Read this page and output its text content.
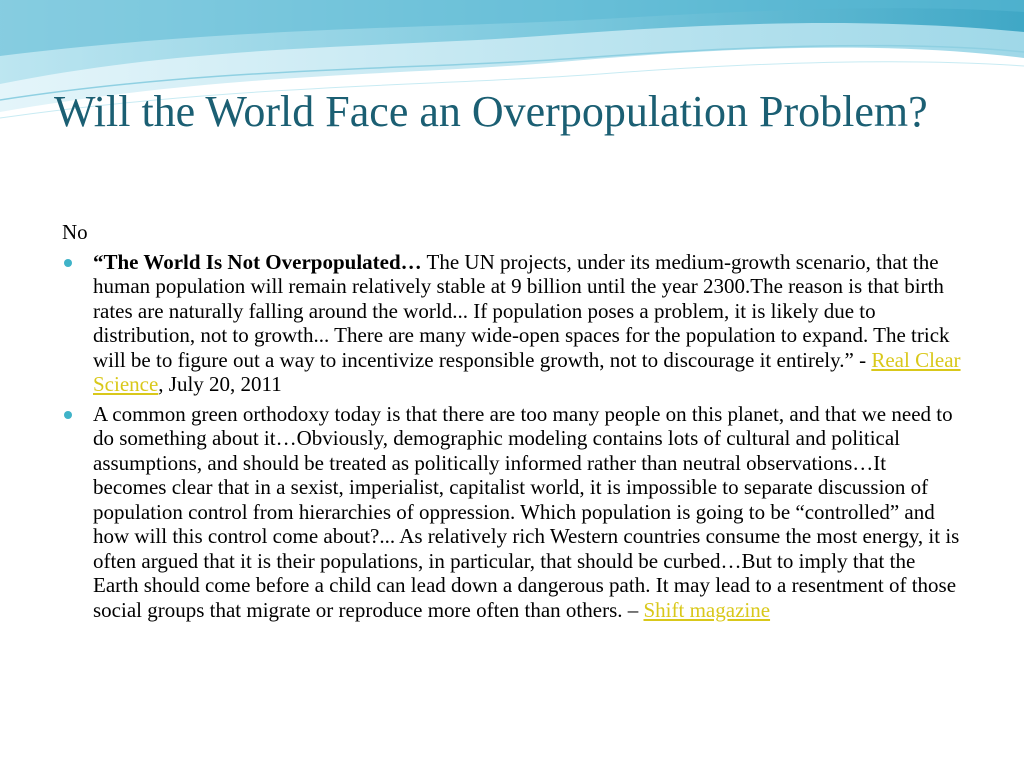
Will the World Face an Overpopulation Problem?

No

“The World Is Not Overpopulated… The UN projects, under its medium-growth scenario, that the human population will remain relatively stable at 9 billion until the year 2300.The reason is that birth rates are naturally falling around the world... If population poses a problem, it is likely due to distribution, not to growth... There are many wide-open spaces for the population to expand. The trick will be to figure out a way to incentivize responsible growth, not to discourage it entirely.” - Real Clear Science, July 20, 2011
A common green orthodoxy today is that there are too many people on this planet, and that we need to do something about it…Obviously, demographic modeling contains lots of cultural and political assumptions, and should be treated as politically informed rather than neutral observations…It becomes clear that in a sexist, imperialist, capitalist world, it is impossible to separate discussion of population control from hierarchies of oppression. Which population is going to be “controlled” and how will this control come about?... As relatively rich Western countries consume the most energy, it is often argued that it is their populations, in particular, that should be curbed…But to imply that the Earth should come before a child can lead down a dangerous path. It may lead to a resentment of those social groups that migrate or reproduce more often than others. – Shift magazine
